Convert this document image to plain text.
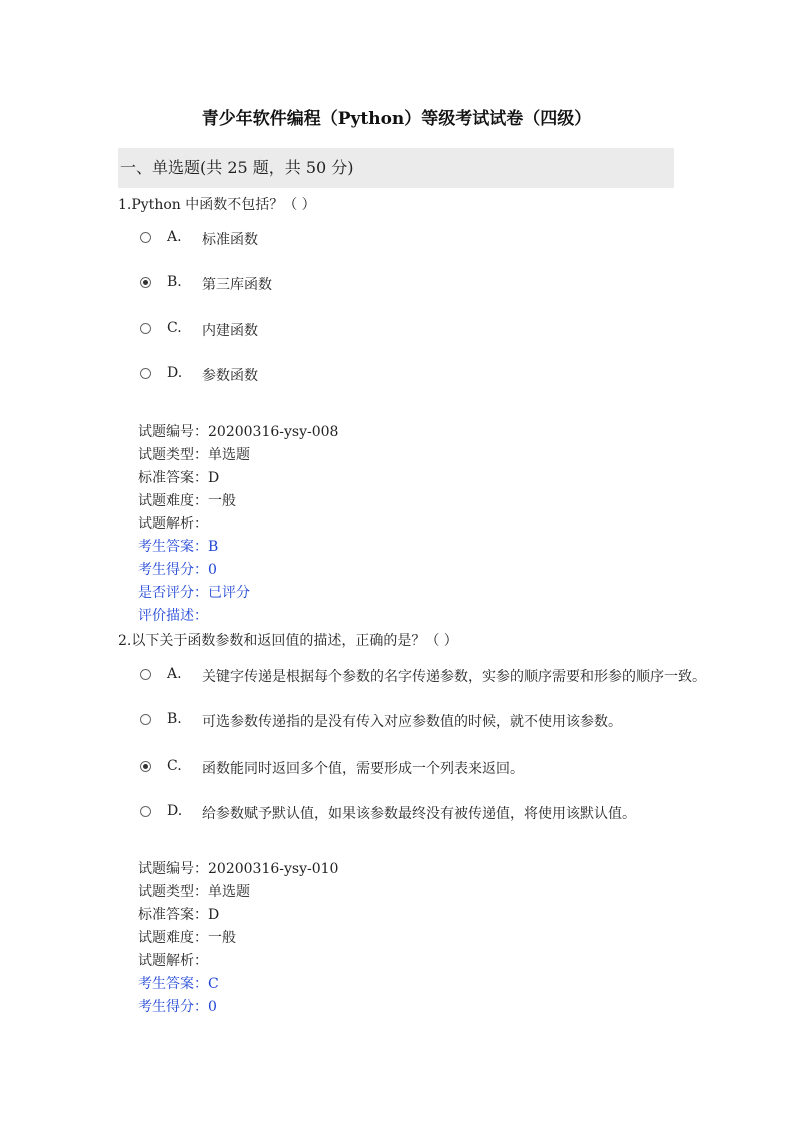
青少年软件编程（Python）等级考试试卷（四级）
一、单选题(共 25 题，共 50 分)
1.Python 中函数不包括？（ ）
A. 标准函数
B. 第三库函数
C. 内建函数
D. 参数函数
试题编号：20200316-ysy-008
试题类型：单选题
标准答案：D
试题难度：一般
试题解析：
考生答案：B
考生得分：0
是否评分：已评分
评价描述：
2.以下关于函数参数和返回值的描述，正确的是？（ ）
A. 关键字传递是根据每个参数的名字传递参数，实参的顺序需要和形参的顺序一致。
B. 可选参数传递指的是没有传入对应参数值的时候，就不使用该参数。
C. 函数能同时返回多个值，需要形成一个列表来返回。
D. 给参数赋予默认值，如果该参数最终没有被传递值，将使用该默认值。
试题编号：20200316-ysy-010
试题类型：单选题
标准答案：D
试题难度：一般
试题解析：
考生答案：C
考生得分：0
